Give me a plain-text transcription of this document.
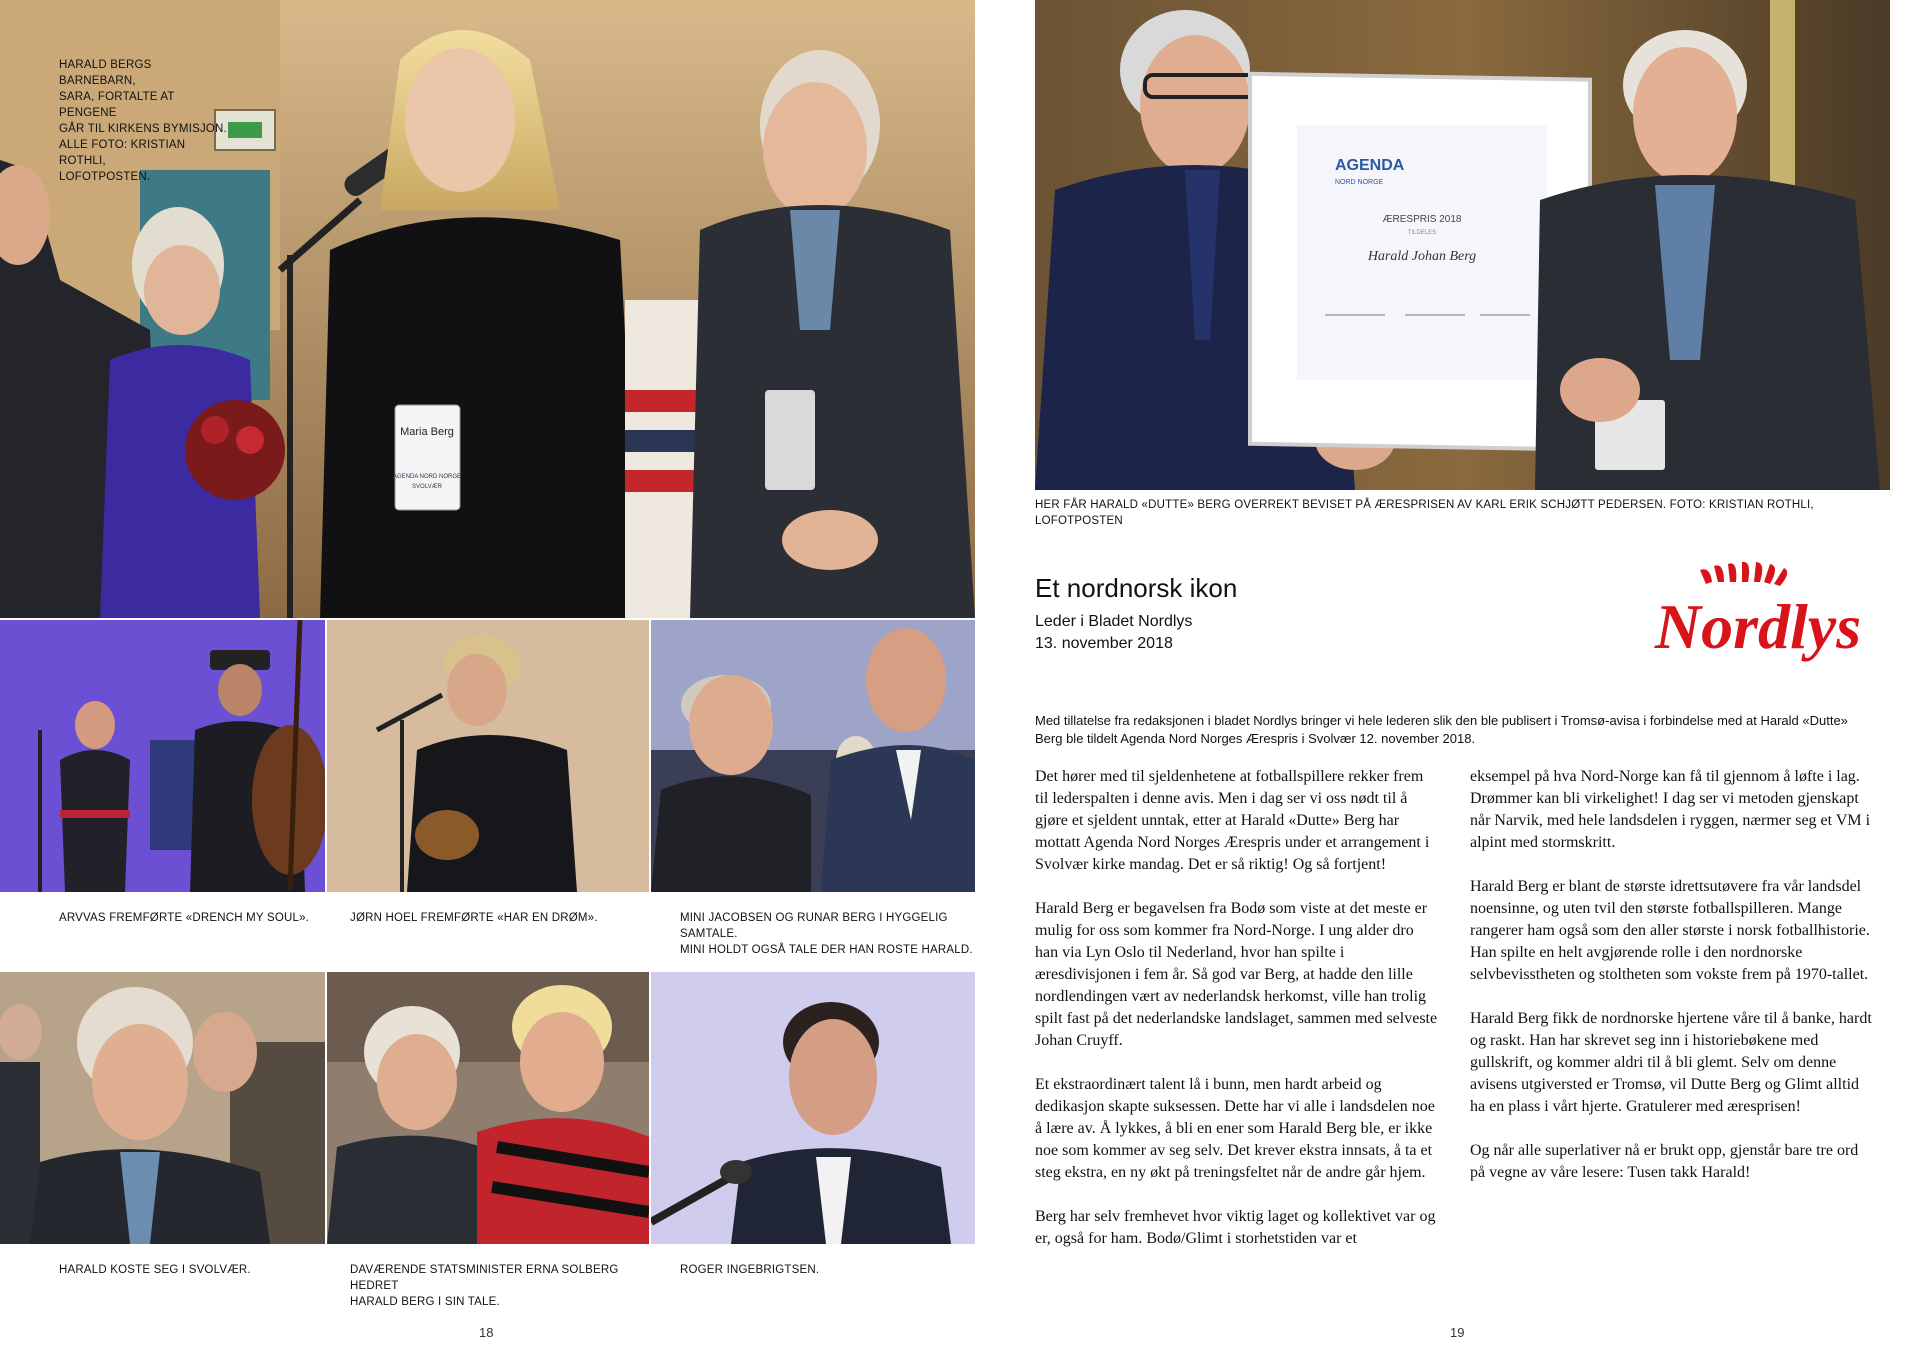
Maria Berg
AGENDA NORD NORGE
SVOLVÆR
HARALD BERGS BARNEBARN,
SARA, FORTALTE AT PENGENE
GÅR TIL KIRKENS BYMISJON.
ALLE FOTO: KRISTIAN ROTHLI,
LOFOTPOSTEN.
ARVVAS FREMFØRTE «DRENCH MY SOUL».	JØRN HOEL FREMFØRTE «HAR EN DRØM».	MINI JACOBSEN OG RUNAR BERG I HYGGELIG SAMTALE.
MINI HOLDT OGSÅ TALE DER HAN ROSTE HARALD.
HARALD KOSTE SEG I SVOLVÆR.	DAVÆRENDE STATSMINISTER ERNA SOLBERG HEDRET
HARALD BERG I SIN TALE.
ROGER INGEBRIGTSEN.
18
AGENDA
NORD NORGE
ÆRESPRIS 2018
TILDELES
Harald Johan Berg
HER FÅR HARALD «DUTTE» BERG OVERREKT BEVISET PÅ ÆRESPRISEN AV KARL ERIK SCHJØTT PEDERSEN. FOTO: KRISTIAN ROTHLI, LOFOTPOSTEN
Nordlys
Et nordnorsk ikon
Leder i Bladet Nordlys
13. november 2018
Med tillatelse fra redaksjonen i bladet Nordlys bringer vi hele lederen slik den ble publisert i Tromsø-avisa i forbindelse med at Harald «Dutte» Berg ble tildelt Agenda Nord Norges Ærespris i Svolvær 12. november 2018.

Det hører med til sjeldenhetene at fotballspillere rekker frem til lederspalten i denne avis. Men i dag ser vi oss nødt til å gjøre et sjeldent unntak, etter at Harald «Dutte» Berg har mottatt Agenda Nord Norges Ærespris under et arrangement i Svolvær kirke mandag. Det er så riktig! Og så fortjent!

Harald Berg er begavelsen fra Bodø som viste at det meste er mulig for oss som kommer fra Nord-Norge. I ung alder dro han via Lyn Oslo til Nederland, hvor han spilte i æresdivisjonen i fem år. Så god var Berg, at hadde den lille nordlendingen vært av nederlandsk herkomst, ville han trolig spilt fast på det nederlandske landslaget, sammen med selveste Johan Cruyff.

Et ekstraordinært talent lå i bunn, men hardt arbeid og dedikasjon skapte suksessen. Dette har vi alle i landsdelen noe å lære av. Å lykkes, å bli en ener som Harald Berg ble, er ikke noe som kommer av seg selv. Det krever ekstra innsats, å ta et steg ekstra, en ny økt på treningsfeltet når de andre går hjem.

Berg har selv fremhevet hvor viktig laget og kollektivet var og er, også for ham. Bodø/Glimt i storhetstiden var et

eksempel på hva Nord-Norge kan få til gjennom å løfte i lag. Drømmer kan bli virkelighet! I dag ser vi metoden gjenskapt når Narvik, med hele landsdelen i ryggen, nærmer seg et VM i alpint med stormskritt.

Harald Berg er blant de største idrettsutøvere fra vår landsdel noensinne, og uten tvil den største fotballspilleren. Mange rangerer ham også som den aller største i norsk fotballhistorie. Han spilte en helt avgjørende rolle i den nordnorske selvbevisstheten og stoltheten som vokste frem på 1970-tallet.

Harald Berg fikk de nordnorske hjertene våre til å banke, hardt og raskt. Han har skrevet seg inn i historiebøkene med gullskrift, og kommer aldri til å bli glemt. Selv om denne avisens utgiversted er Tromsø, vil Dutte Berg og Glimt alltid ha en plass i vårt hjerte. Gratulerer med æresprisen!

Og når alle superlativer nå er brukt opp, gjenstår bare tre ord på vegne av våre lesere: Tusen takk Harald!

19
